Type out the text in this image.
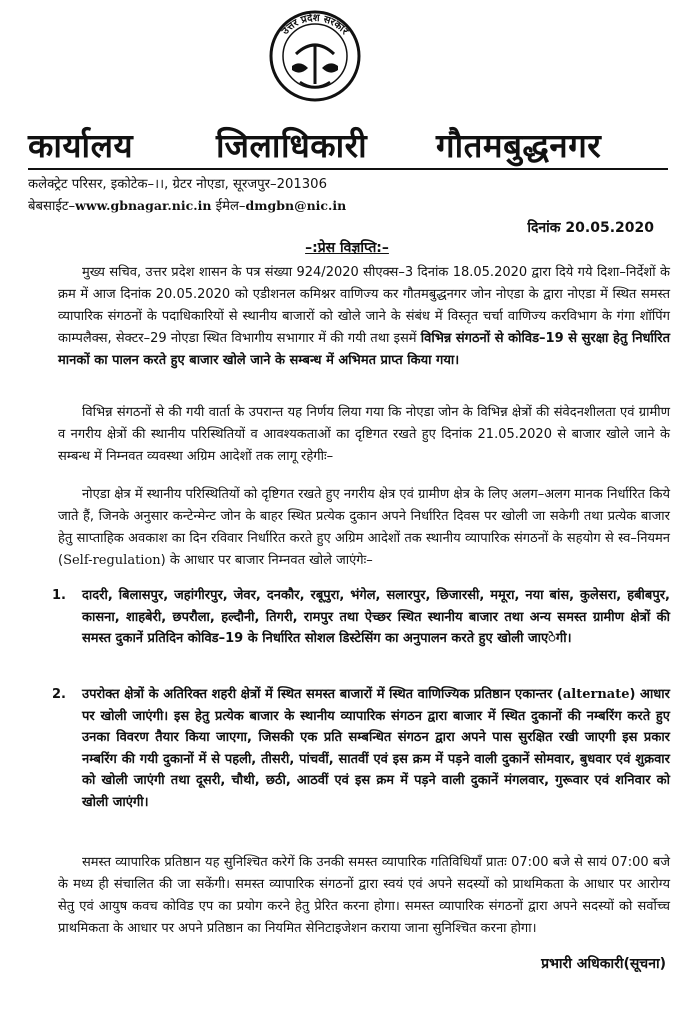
उत्तर प्रदेश सरकार
कार्यालय	जिलाधिकारी गौतमबुद्धनगर
कलेक्ट्रेट परिसर, इकोटेक–।।, ग्रेटर नोएडा, सूरजपुर–201306
बेबसाईट–www.gbnagar.nic.in ईमेल–dmgbn@nic.in
दिनांक 20.05.2020
–:प्रेस विज्ञप्ति:–
मुख्य सचिव, उत्तर प्रदेश शासन के पत्र संख्या 924/2020 सीएक्स–3 दिनांक 18.05.2020 द्वारा दिये गये दिशा–निर्देशों के क्रम में आज दिनांक 20.05.2020 को एडीशनल कमिश्नर वाणिज्य कर गौतमबुद्धनगर जोन नोएडा के द्वारा नोएडा में स्थित समस्त व्यापारिक संगठनों के पदाधिकारियों से स्थानीय बाजारों को खोले जाने के संबंध में विस्तृत चर्चा वाणिज्य करविभाग के गंगा शॉपिंग काम्पलैक्स, सेक्टर–29 नोएडा स्थित विभागीय सभागार में की गयी तथा इसमें विभिन्न संगठनों से कोविड–19 से सुरक्षा हेतु निर्धारित मानकों का पालन करते हुए बाजार खोले जाने के सम्बन्ध में अभिमत प्राप्त किया गया।
विभिन्न संगठनों से की गयी वार्ता के उपरान्त यह निर्णय लिया गया कि नोएडा जोन के विभिन्न क्षेत्रों की संवेदनशीलता एवं ग्रामीण व नगरीय क्षेत्रों की स्थानीय परिस्थितियों व आवश्यकताओं का दृष्टिगत रखते हुए दिनांक 21.05.2020 से बाजार खोले जाने के सम्बन्ध में निम्नवत व्यवस्था अग्रिम आदेशों तक लागू रहेगीः–
नोएडा क्षेत्र में स्थानीय परिस्थितियों को दृष्टिगत रखते हुए नगरीय क्षेत्र एवं ग्रामीण क्षेत्र के लिए अलग–अलग मानक निर्धारित किये जाते हैं, जिनके अनुसार कन्टेन्मेन्ट जोन के बाहर स्थित प्रत्येक दुकान अपने निर्धारित दिवस पर खोली जा सकेगी तथा प्रत्येक बाजार हेतु साप्ताहिक अवकाश का दिन रविवार निर्धारित करते हुए अग्रिम आदेशों तक स्थानीय व्यापारिक संगठनों के सहयोग से स्व–नियमन (Self-regulation) के आधार पर बाजार निम्नवत खोले जाएंगेः–
1. दादरी, बिलासपुर, जहांगीरपुर, जेवर, दनकौर, रबूपुरा, भंगेल, सलारपुर, छिजारसी, ममूरा, नया बांस, कुलेसरा, हबीबपुर, कासना, शाहबेरी, छपरौला, हल्दौनी, तिगरी, रामपुर तथा ऐच्छर स्थित स्थानीय बाजार तथा अन्य समस्त ग्रामीण क्षेत्रों की समस्त दुकानें प्रतिदिन कोविड–19 के निर्धारित सोशल डिस्टेसिंग का अनुपालन करते हुए खोली जाएेगी।
2. उपरोक्त क्षेत्रों के अतिरिक्त शहरी क्षेत्रों में स्थित समस्त बाजारों में स्थित वाणिज्यिक प्रतिष्ठान एकान्तर (alternate) आधार पर खोली जाएंगी। इस हेतु प्रत्येक बाजार के स्थानीय व्यापारिक संगठन द्वारा बाजार में स्थित दुकानों की नम्बरिंग करते हुए उनका विवरण तैयार किया जाएगा, जिसकी एक प्रति सम्बन्धित संगठन द्वारा अपने पास सुरक्षित रखी जाएगी इस प्रकार नम्बरिंग की गयी दुकानों में से पहली, तीसरी, पांचवीं, सातवीं एवं इस क्रम में पड़ने वाली दुकानें सोमवार, बुधवार एवं शुक्रवार को खोली जाएंगी तथा दूसरी, चौथी, छठी, आठवीं एवं इस क्रम में पड़ने वाली दुकानें मंगलवार, गुरूवार एवं शनिवार को खोली जाएंगी।
समस्त व्यापारिक प्रतिष्ठान यह सुनिश्चित करेगें कि उनकी समस्त व्यापारिक गतिविधियॉं प्रातः 07:00 बजे से सायं 07:00 बजे के मध्य ही संचालित की जा सकेंगी। समस्त व्यापारिक संगठनों द्वारा स्वयं एवं अपने सदस्यों को प्राथमिकता के आधार पर आरोग्य सेतु एवं आयुष कवच कोविड एप का प्रयोग करने हेतु प्रेरित करना होगा। समस्त व्यापारिक संगठनों द्वारा अपने सदस्यों को सर्वोच्च प्राथमिकता के आधार पर अपने प्रतिष्ठान का नियमित सेनिटाइजेशन कराया जाना सुनिश्चित करना होगा।
प्रभारी अधिकारी(सूचना)
